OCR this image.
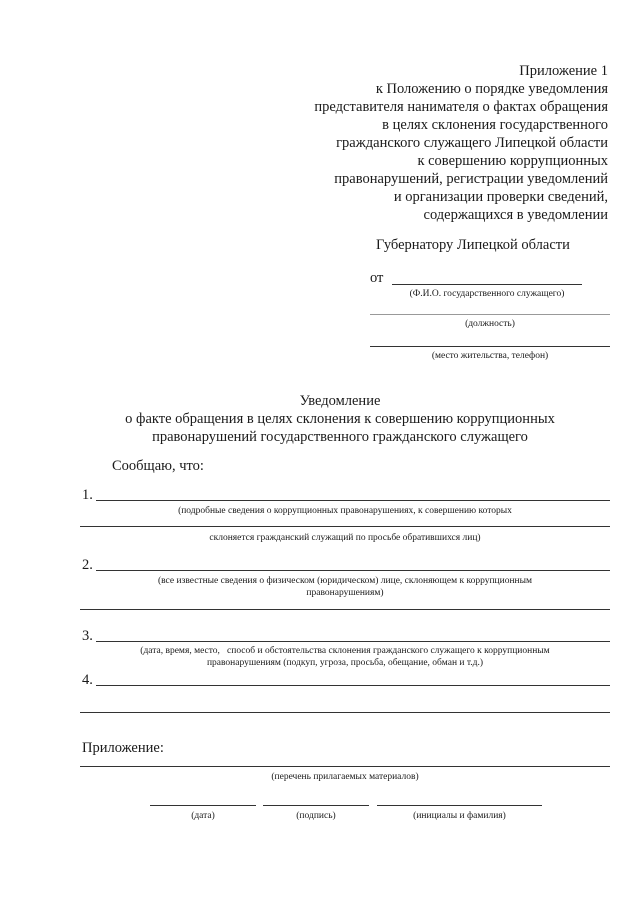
Приложение 1
к Положению о порядке уведомления
представителя нанимателя о фактах обращения
в целях склонения государственного
гражданского служащего Липецкой области
к совершению коррупционных
правонарушений, регистрации уведомлений
и организации проверки сведений,
содержащихся в уведомлении
Губернатору Липецкой области
от
(Ф.И.О. государственного служащего)
(должность)
(место жительства, телефон)
Уведомление
о факте обращения в целях склонения к совершению коррупционных
правонарушений государственного гражданского служащего
Сообщаю, что:
1.
(подробные сведения о коррупционных правонарушениях, к совершению которых
склоняется гражданский служащий по просьбе обратившихся лиц)
2.
(все известные сведения о физическом (юридическом) лице, склоняющем к коррупционным
правонарушениям)
3.
(дата, время, место,   способ и обстоятельства склонения гражданского служащего к коррупционным
правонарушениям (подкуп, угроза, просьба, обещание, обман и т.д.)
4.
Приложение:
(перечень прилагаемых материалов)
(дата)	(подпись)	(инициалы и фамилия)
